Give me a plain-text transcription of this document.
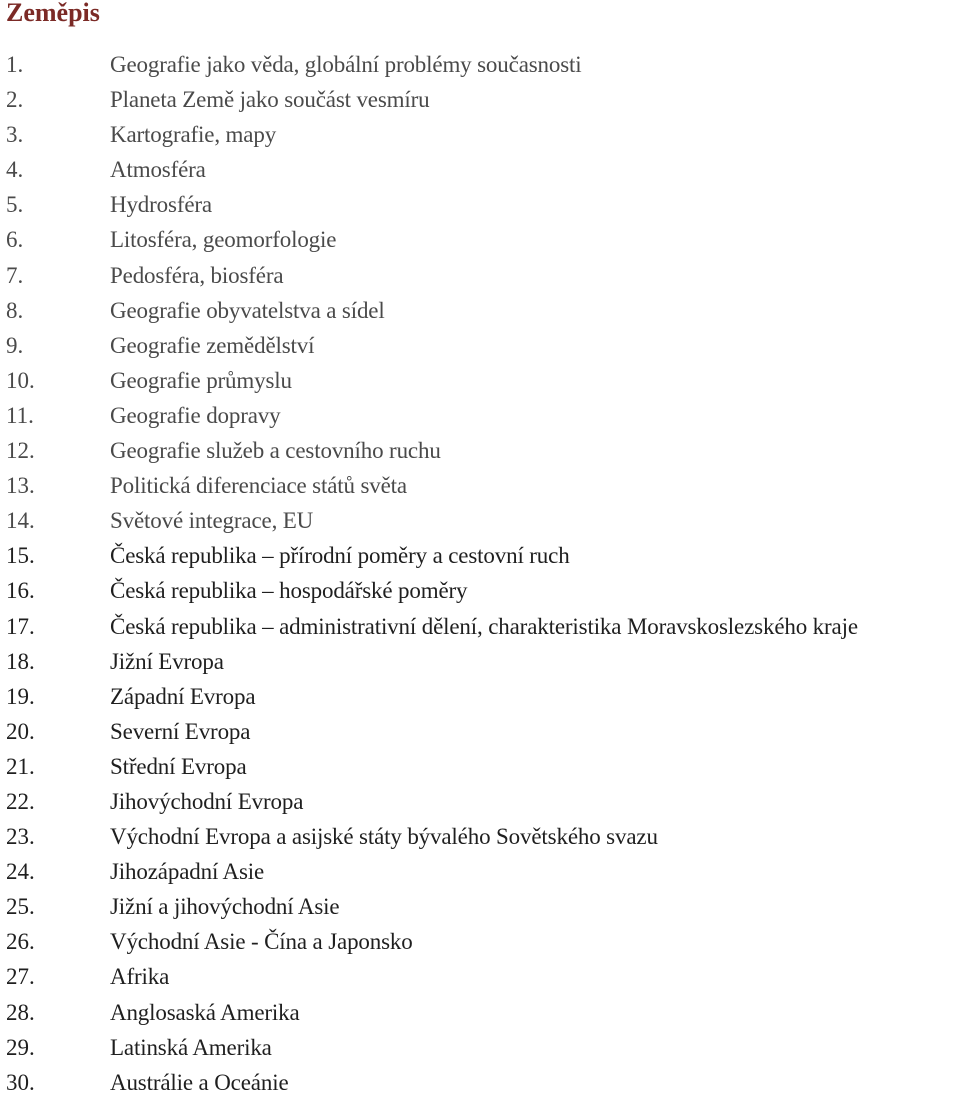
Zeměpis
1.	Geografie jako věda, globální problémy současnosti
2.	Planeta Země jako součást vesmíru
3.	Kartografie, mapy
4.	Atmosféra
5.	Hydrosféra
6.	Litosféra, geomorfologie
7.	Pedosféra, biosféra
8.	Geografie obyvatelstva a sídel
9.	Geografie zemědělství
10.	Geografie průmyslu
11.	Geografie dopravy
12.	Geografie služeb a cestovního ruchu
13.	Politická diferenciace států světa
14.	Světové integrace, EU
15.	Česká republika – přírodní poměry a cestovní ruch
16.	Česká republika – hospodářské poměry
17.	Česká republika – administrativní dělení, charakteristika Moravskoslezského kraje
18.	Jižní Evropa
19.	Západní Evropa
20.	Severní Evropa
21.	Střední Evropa
22.	Jihovýchodní Evropa
23.	Východní Evropa a asijské státy bývalého Sovětského svazu
24.	Jihozápadní Asie
25.	Jižní a jihovýchodní Asie
26.	Východní Asie - Čína a Japonsko
27.	Afrika
28.	Anglosaská Amerika
29.	Latinská Amerika
30.	Austrálie a Oceánie
